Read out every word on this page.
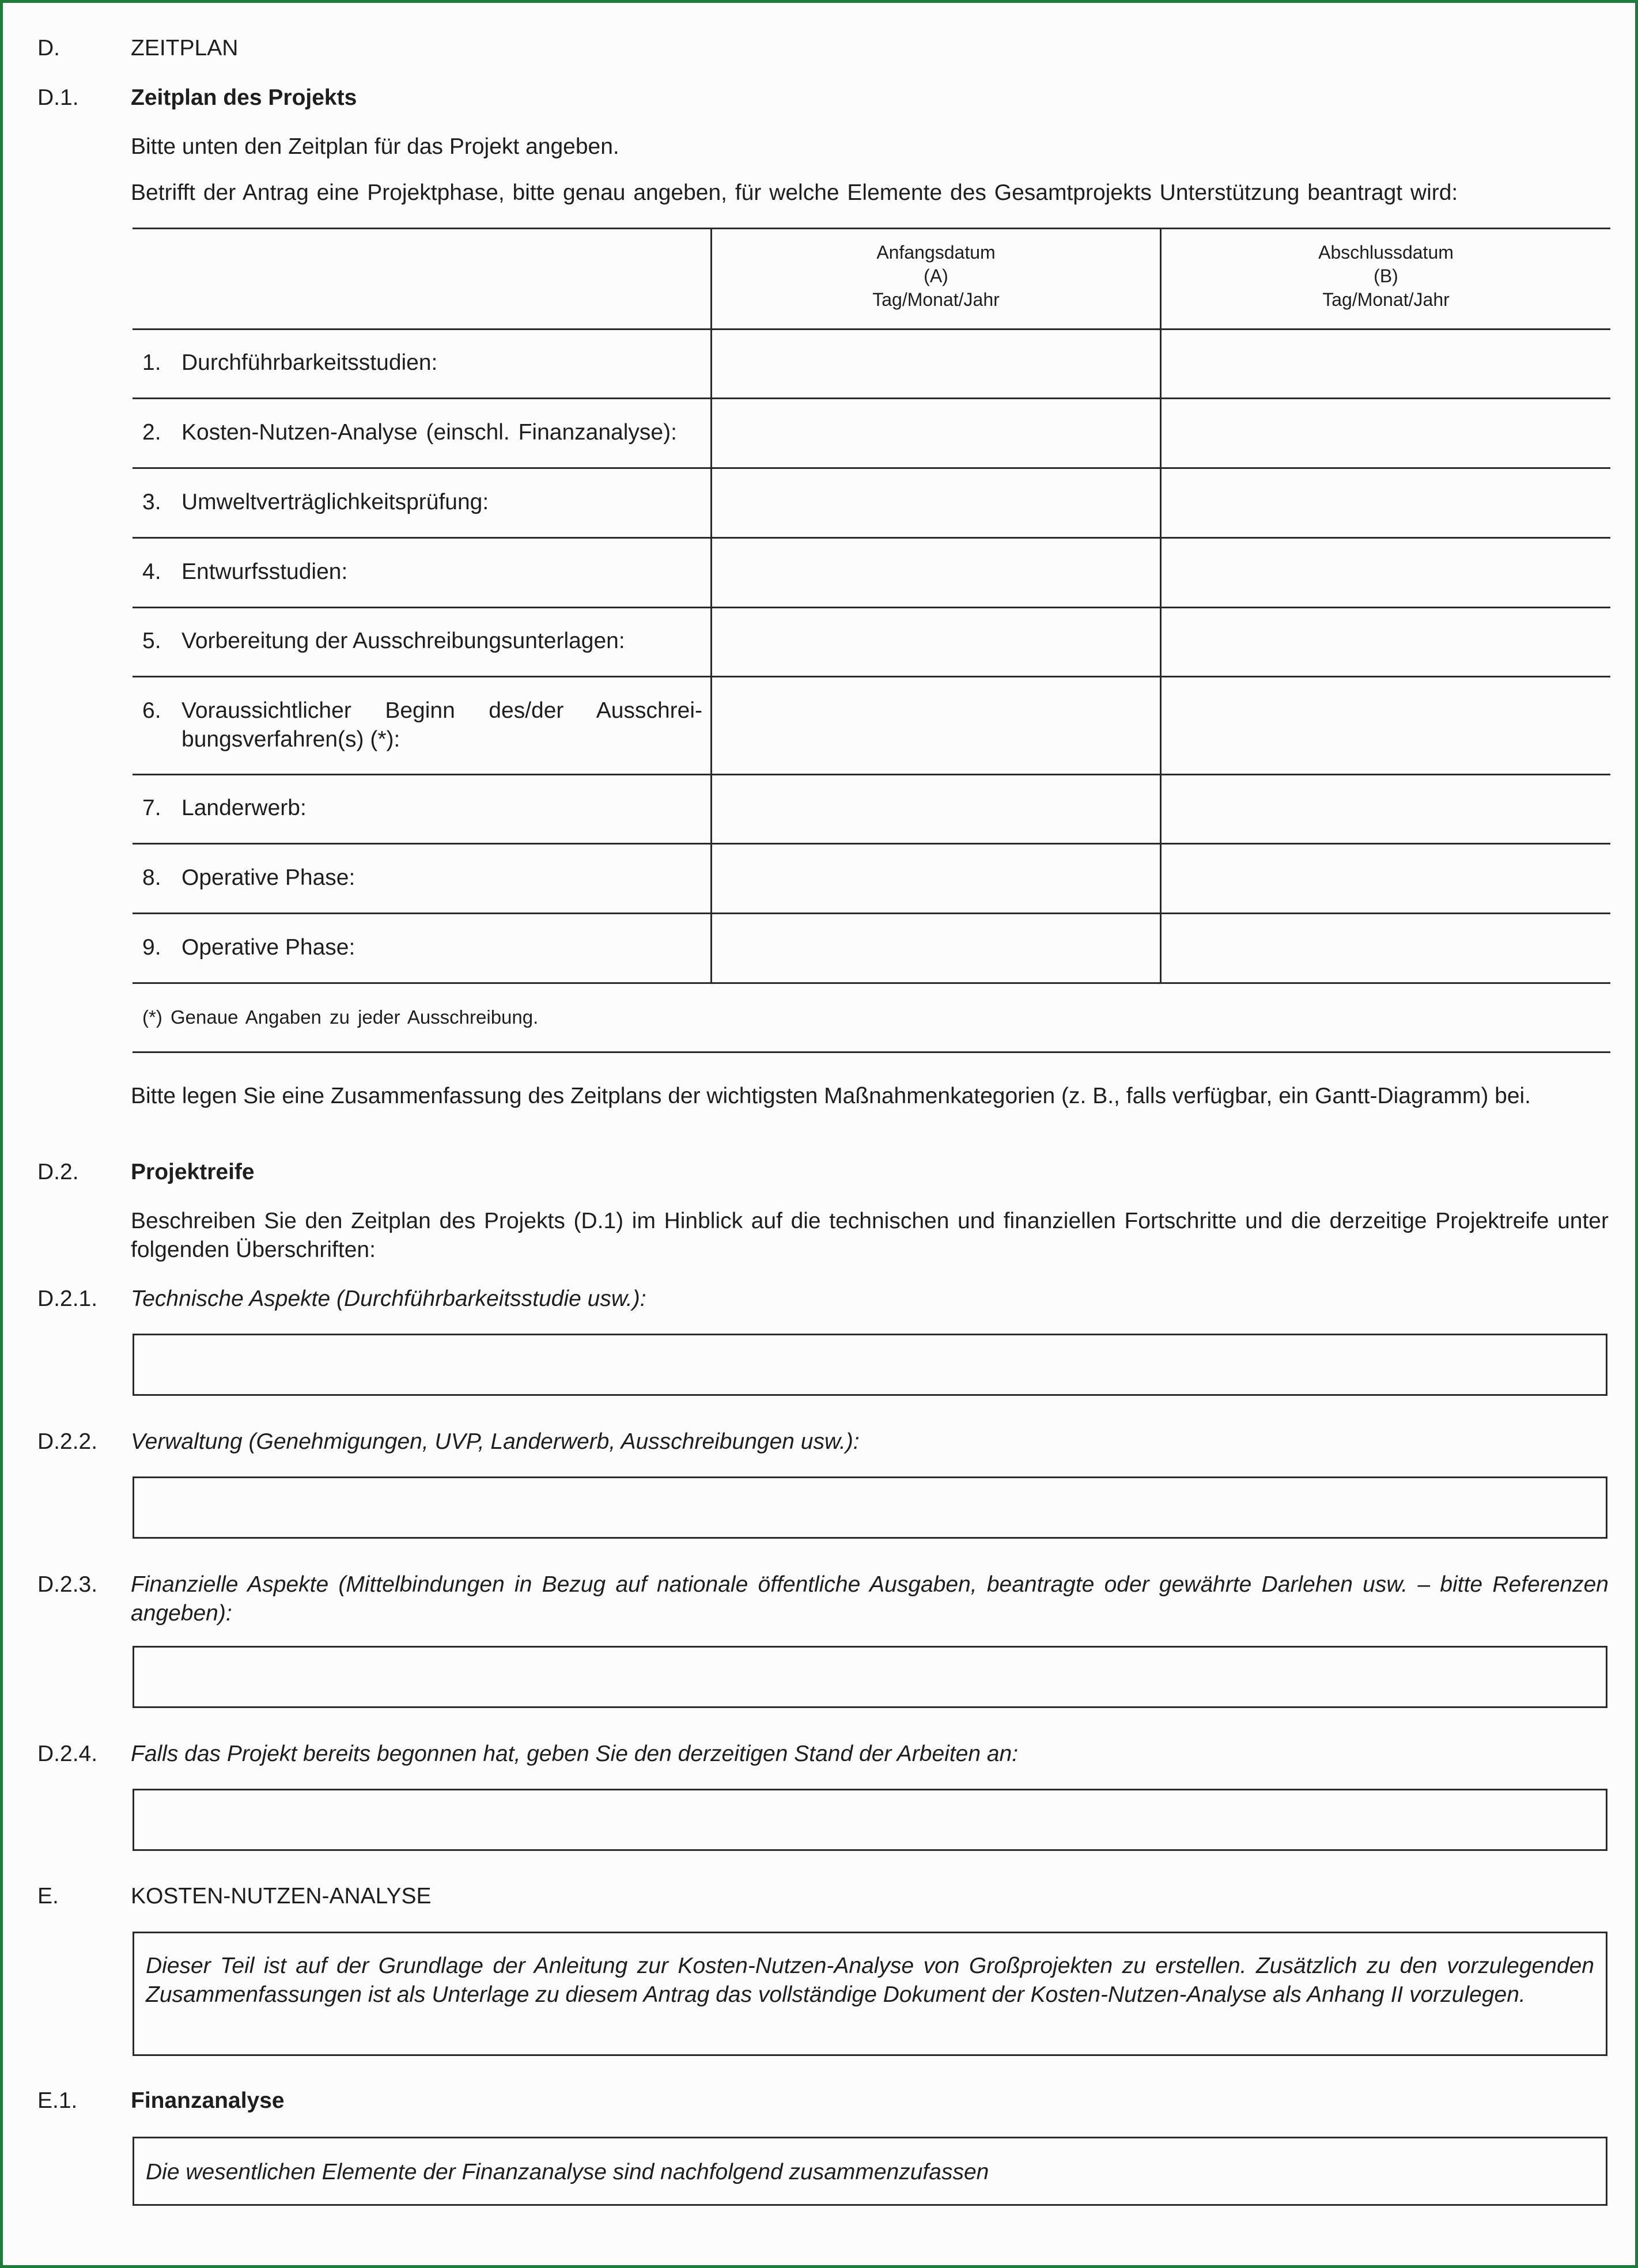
D.	ZEITPLAN
D.1. Zeitplan des Projekts
Bitte unten den Zeitplan für das Projekt angeben.
Betrifft der Antrag eine Projektphase, bitte genau angeben, für welche Elemente des Gesamtprojekts Unterstützung beantragt wird:
Anfangsdatum
(A)
Tag/Monat/Jahr
Abschlussdatum
(B)
Tag/Monat/Jahr
1. Durchführbarkeitsstudien:
2. Kosten-Nutzen-Analyse (einschl. Finanzanalyse):
3. Umweltverträglichkeitsprüfung:
4. Entwurfsstudien:
5. Vorbereitung der Ausschreibungsunterlagen:
6. Voraussichtlicher Beginn des/der Ausschrei-
bungsverfahren(s) (*):
7. Landerwerb:
8. Operative Phase:
9. Operative Phase:
(*) Genaue Angaben zu jeder Ausschreibung.
Bitte legen Sie eine Zusammenfassung des Zeitplans der wichtigsten Maßnahmenkategorien (z. B., falls verfügbar, ein Gantt-Diagramm) bei.
D.2. Projektreife
Beschreiben Sie den Zeitplan des Projekts (D.1) im Hinblick auf die technischen und finanziellen Fortschritte und die derzeitige Projektreife unter folgenden Überschriften:
D.2.1. Technische Aspekte (Durchführbarkeitsstudie usw.):
D.2.2. Verwaltung (Genehmigungen, UVP, Landerwerb, Ausschreibungen usw.):
D.2.3. Finanzielle Aspekte (Mittelbindungen in Bezug auf nationale öffentliche Ausgaben, beantragte oder gewährte Darlehen usw. – bitte Referenzen angeben):
D.2.4. Falls das Projekt bereits begonnen hat, geben Sie den derzeitigen Stand der Arbeiten an:
E.	KOSTEN-NUTZEN-ANALYSE
Dieser Teil ist auf der Grundlage der Anleitung zur Kosten-Nutzen-Analyse von Großprojekten zu erstellen. Zusätzlich zu den vorzulegenden Zusammenfassungen ist als Unterlage zu diesem Antrag das vollständige Dokument der Kosten-Nutzen-Analyse als Anhang II vorzulegen.
E.1. Finanzanalyse
Die wesentlichen Elemente der Finanzanalyse sind nachfolgend zusammenzufassen
